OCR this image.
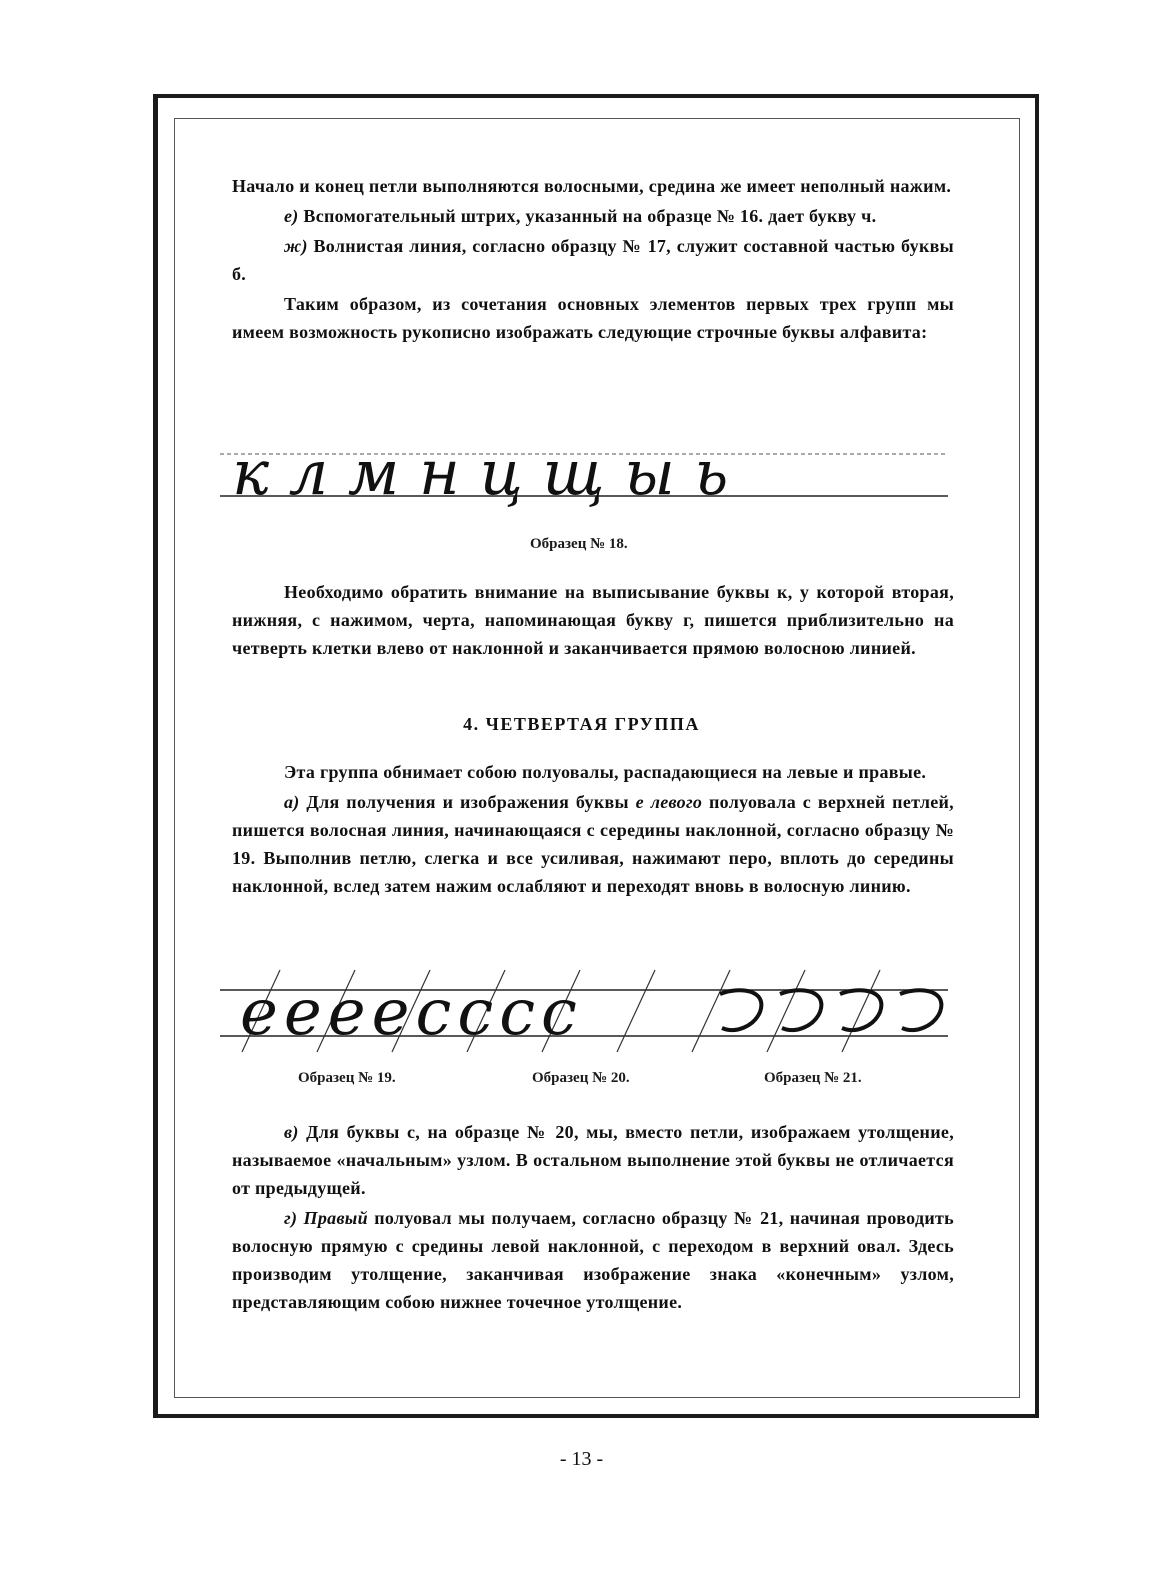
Начало и конец петли выполняются волосными, средина же имеет неполный нажим.

е) Вспомогательный штрих, указанный на образце № 16. дает букву ч.

ж) Волнистая линия, согласно образцу № 17, служит составной частью буквы б.

Таким образом, из сочетания основных элементов первых трех групп мы имеем возможность рукописно изображать следующие строчные буквы алфавита:

к л м н ц щ ы ь
Образец № 18.

Необходимо обратить внимание на выписывание буквы к, у которой вторая, нижняя, с нажимом, черта, напоминающая букву г, пишется приблизительно на четверть клетки влево от наклонной и заканчивается прямою волосною линией.

4. ЧЕТВЕРТАЯ ГРУППА

Эта группа обнимает собою полуовалы, распадающиеся на левые и правые.

а) Для получения и изображения буквы е левого полуовала с верхней петлей, пишется волосная линия, начинающаяся с середины наклонной, согласно образцу № 19. Выполнив петлю, слегка и все усиливая, нажимают перо, вплоть до середины наклонной, вслед затем нажим ослабляют и переходят вновь в волосную линию.

eeeecccc
Образец № 19.	Образец № 20.	Образец № 21.

в) Для буквы с, на образце № 20, мы, вместо петли, изображаем утолщение, называемое «начальным» узлом. В остальном выполнение этой буквы не отличается от предыдущей.

г) Правый полуовал мы получаем, согласно образцу № 21, начиная проводить волосную прямую с средины левой наклонной, с переходом в верхний овал. Здесь производим утолщение, заканчивая изображение знака «конечным» узлом, представляющим собою нижнее точечное утолщение.

- 13 -
